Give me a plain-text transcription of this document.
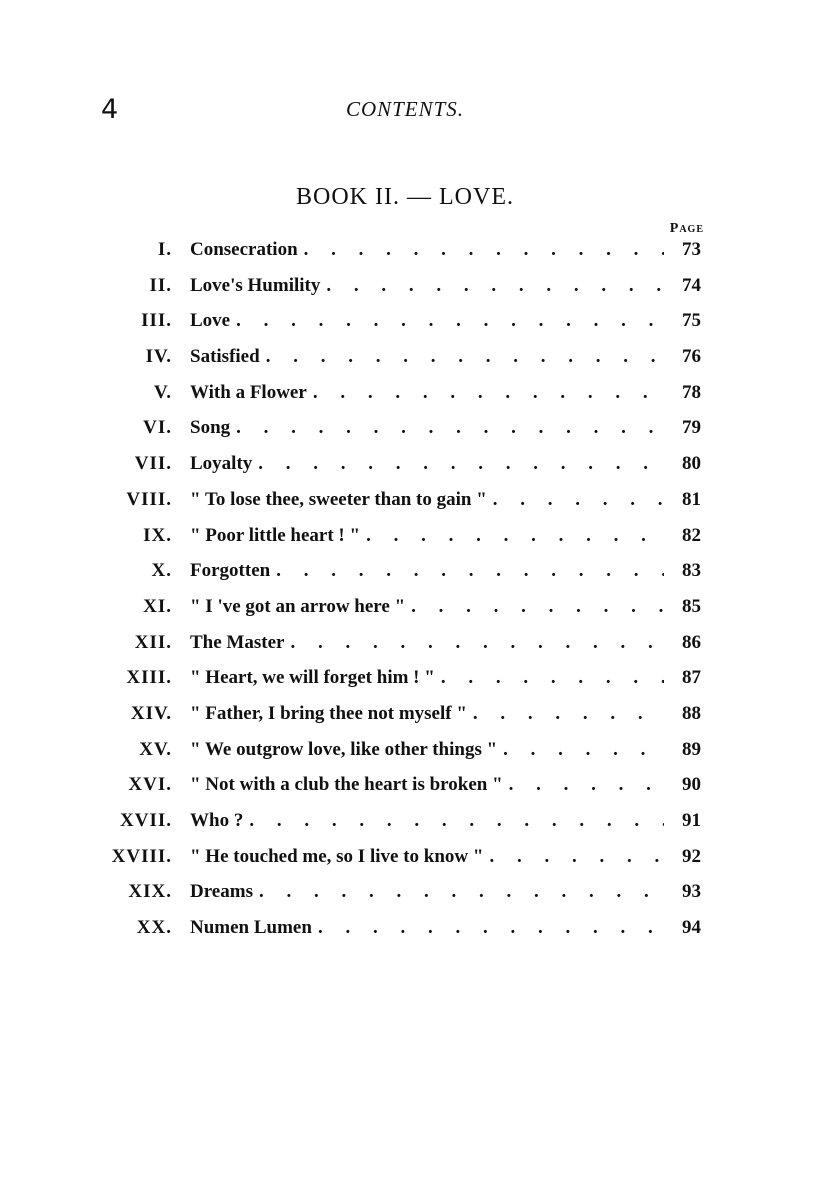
4	CONTENTS.
BOOK II. — LOVE.
Page
I. Consecration . . .	73
II. Love's Humility . . .	74
III. Love . . .	75
IV. Satisfied . . .	76
V. With a Flower . . .	78
VI. Song . . .	79
VII. Loyalty . . .	80
VIII. " To lose thee, sweeter than to gain " . . .	81
IX. " Poor little heart ! " . . .	82
X. Forgotten . . .	83
XI. " I 've got an arrow here " . . .	85
XII. The Master . . .	86
XIII. " Heart, we will forget him ! " . . .	87
XIV. " Father, I bring thee not myself " . . .	88
XV. " We outgrow love, like other things " . . .	89
XVI. " Not with a club the heart is broken " . . .	90
XVII. Who ? . . .	91
XVIII. " He touched me, so I live to know " . . .	92
XIX. Dreams . . .	93
XX. Numen Lumen . . .	94
